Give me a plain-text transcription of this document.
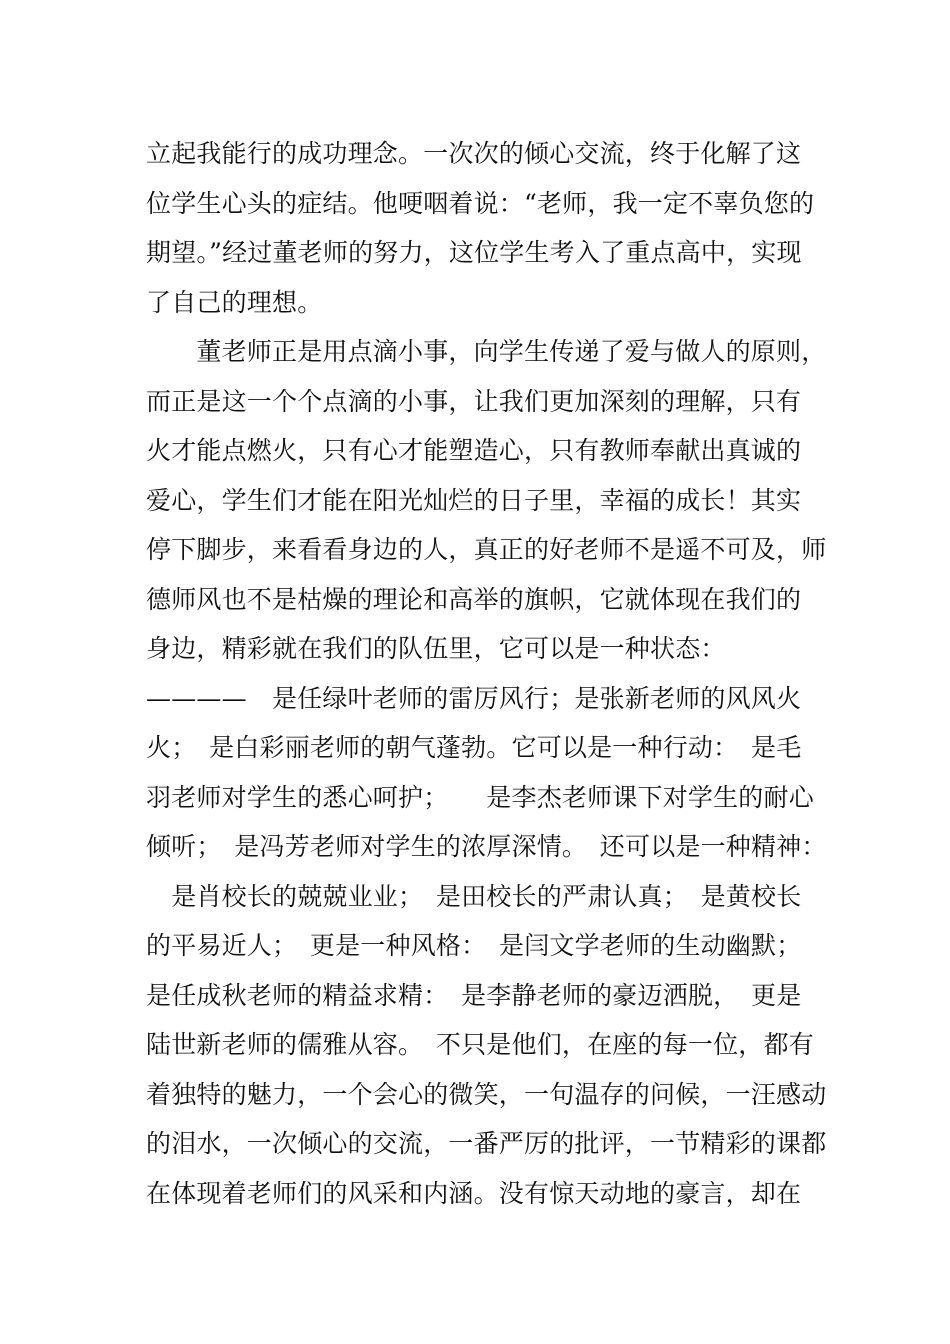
立起我能行的成功理念。一次次的倾心交流，终于化解了这
位学生心头的症结。他哽咽着说：“老师，我一定不辜负您的
期望。”经过董老师的努力，这位学生考入了重点高中，实现
了自己的理想。
　　董老师正是用点滴小事，向学生传递了爱与做人的原则，
而正是这一个个点滴的小事，让我们更加深刻的理解，只有
火才能点燃火，只有心才能塑造心，只有教师奉献出真诚的
爱心，学生们才能在阳光灿烂的日子里，幸福的成长！其实
停下脚步，来看看身边的人，真正的好老师不是遥不可及，师
德师风也不是枯燥的理论和高举的旗帜，它就体现在我们的
身边，精彩就在我们的队伍里，它可以是一种状态：
————　是任绿叶老师的雷厉风行；是张新老师的风风火
火；　是白彩丽老师的朝气蓬勃。它可以是一种行动：　是毛
羽老师对学生的悉心呵护；　　是李杰老师课下对学生的耐心
倾听；　是冯芳老师对学生的浓厚深情。　还可以是一种精神：
　是肖校长的兢兢业业；　是田校长的严肃认真；　是黄校长
的平易近人；　更是一种风格：　是闫文学老师的生动幽默；
是任成秋老师的精益求精：　是李静老师的豪迈洒脱，　更是
陆世新老师的儒雅从容。　不只是他们，在座的每一位，都有
着独特的魅力，一个会心的微笑，一句温存的问候，一汪感动
的泪水，一次倾心的交流，一番严厉的批评，一节精彩的课都
在体现着老师们的风采和内涵。没有惊天动地的豪言，却在
